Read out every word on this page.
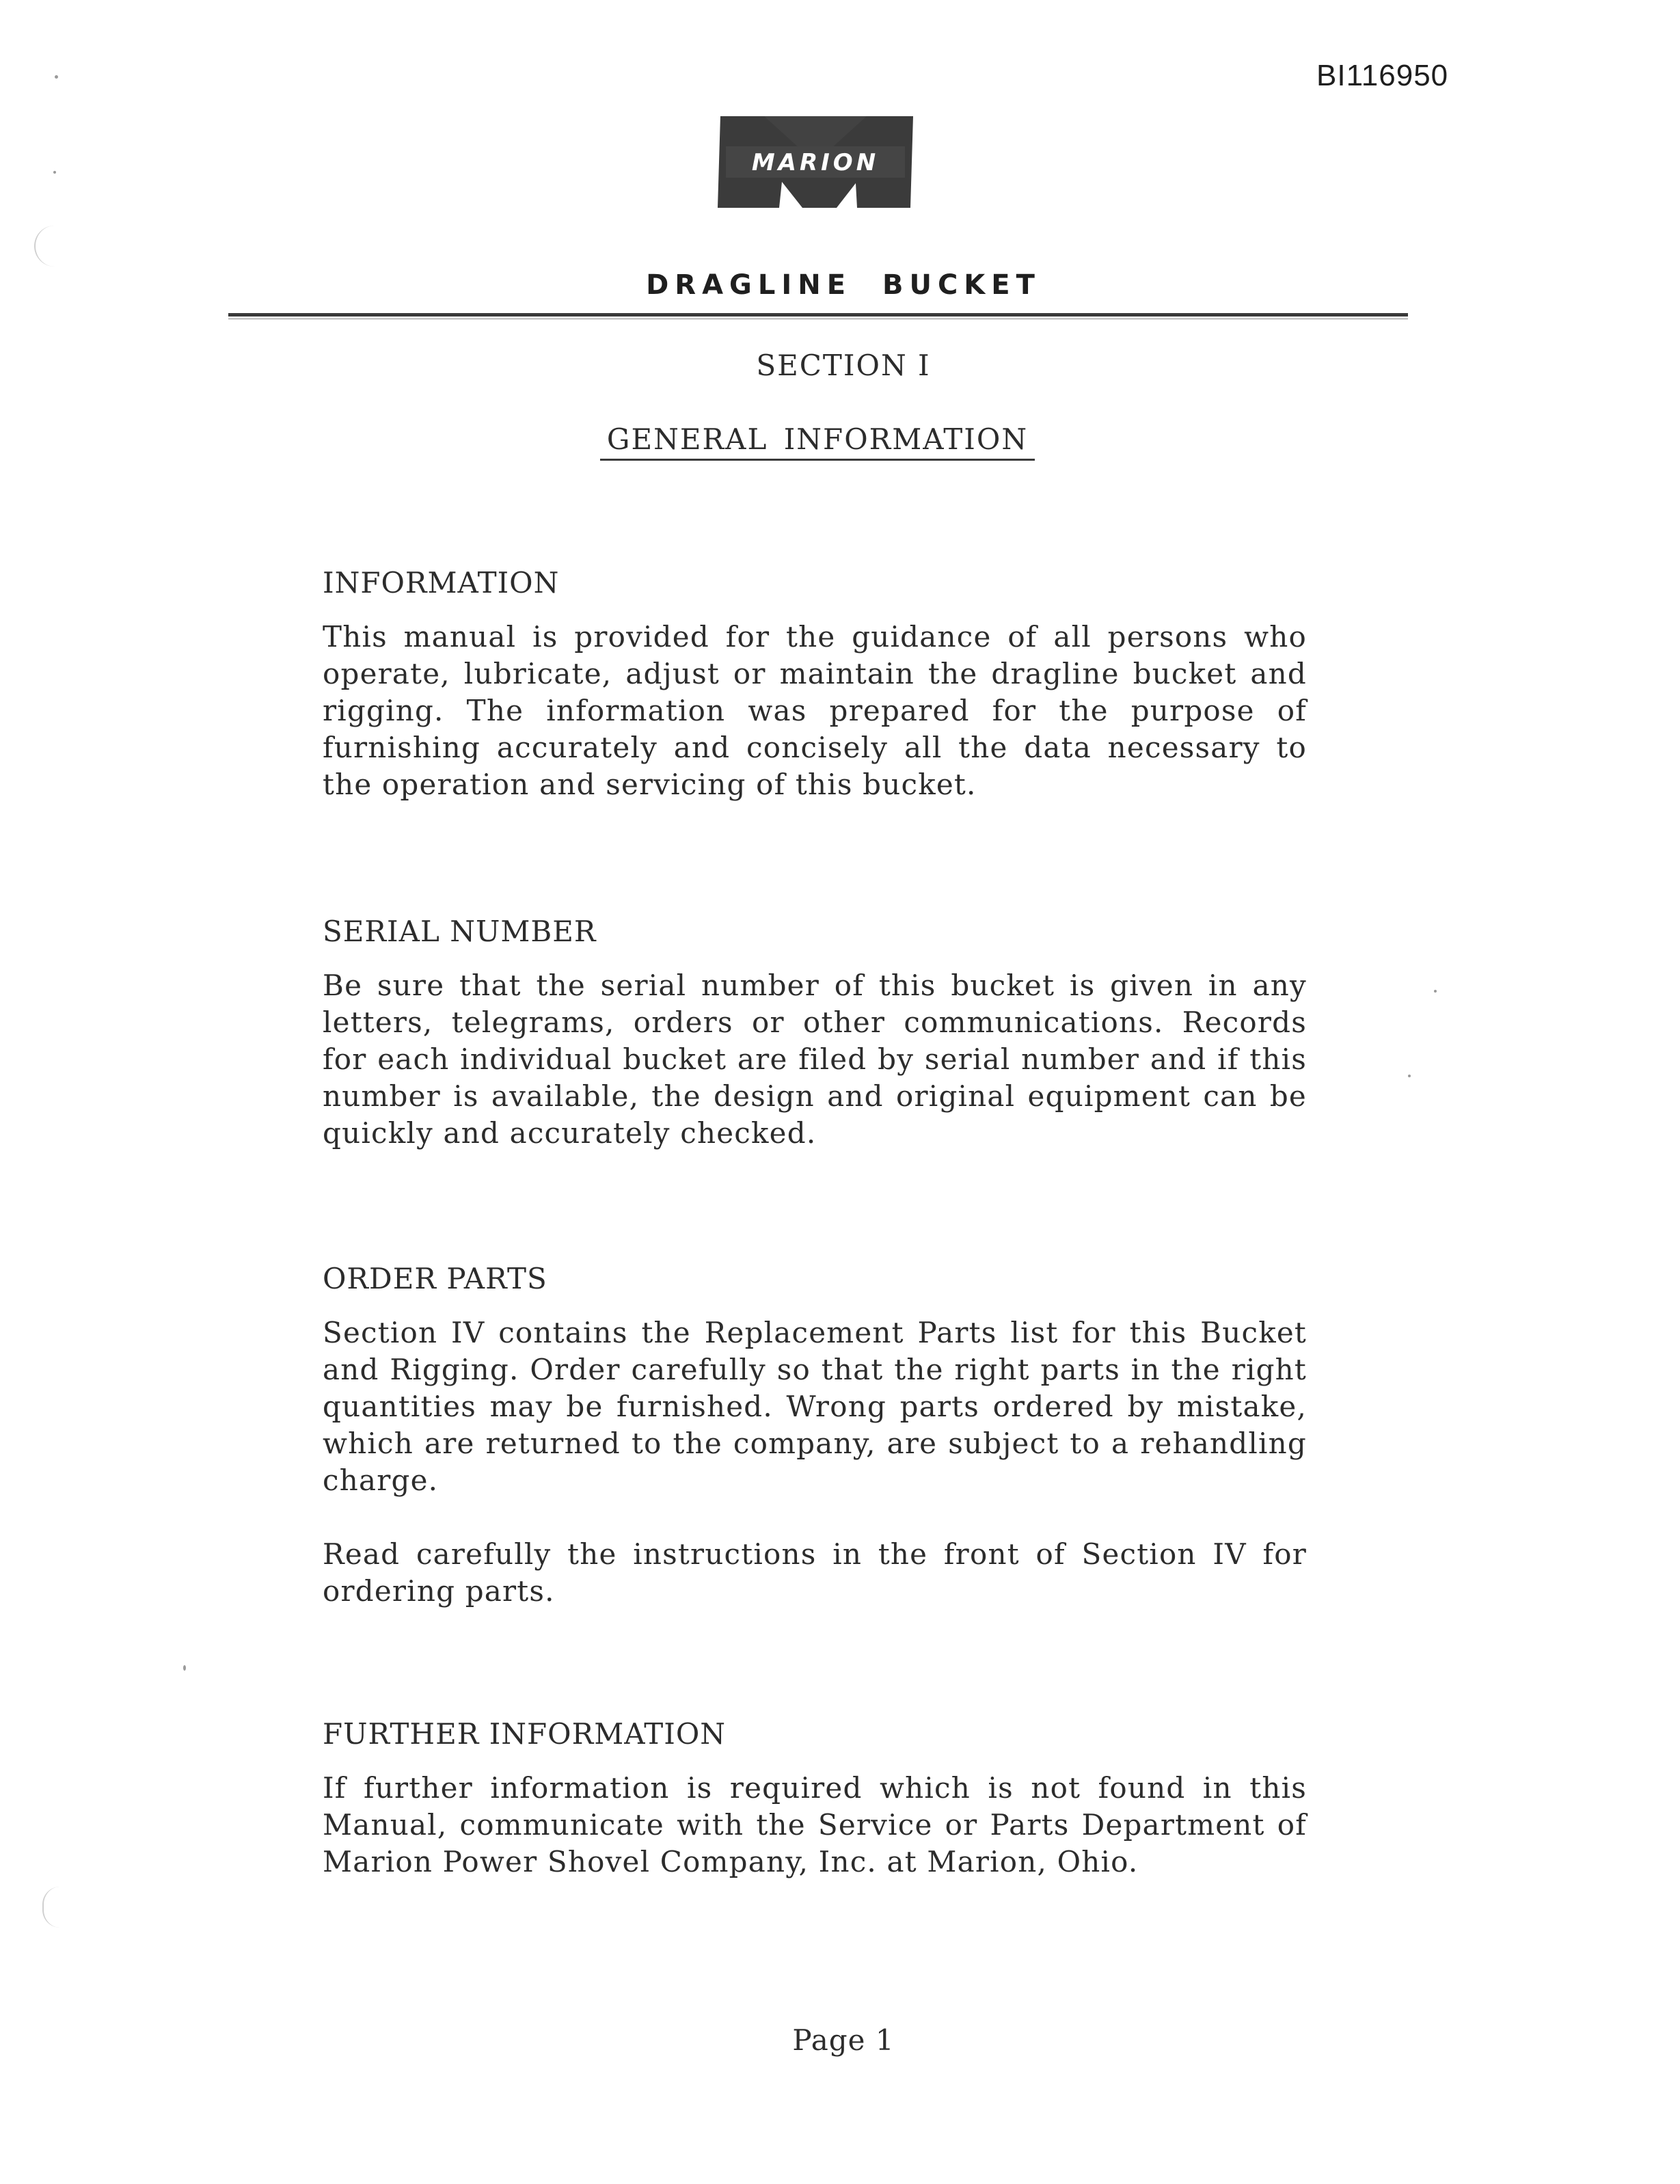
BI116950
MARION
DRAGLINE BUCKET
SECTION I
GENERAL INFORMATION
INFORMATION

This manual is provided for the guidance of all persons who operate, lubricate, adjust or maintain the dragline bucket and rigging. The information was prepared for the purpose of furnishing accurately and concisely all the data necessary to the operation and servicing of this bucket.

SERIAL NUMBER

Be sure that the serial number of this bucket is given in any letters, telegrams, orders or other communications. Records for each individual bucket are filed by serial number and if this number is available, the design and original equipment can be quickly and accurately checked.

ORDER PARTS

Section IV contains the Replacement Parts list for this Bucket and Rigging. Order carefully so that the right parts in the right quantities may be furnished. Wrong parts ordered by mistake, which are returned to the company, are subject to a rehandling charge.

Read carefully the instructions in the front of Section IV for ordering parts.

FURTHER INFORMATION

If further information is required which is not found in this Manual, communicate with the Service or Parts Department of Marion Power Shovel Company, Inc. at Marion, Ohio.

Page 1
